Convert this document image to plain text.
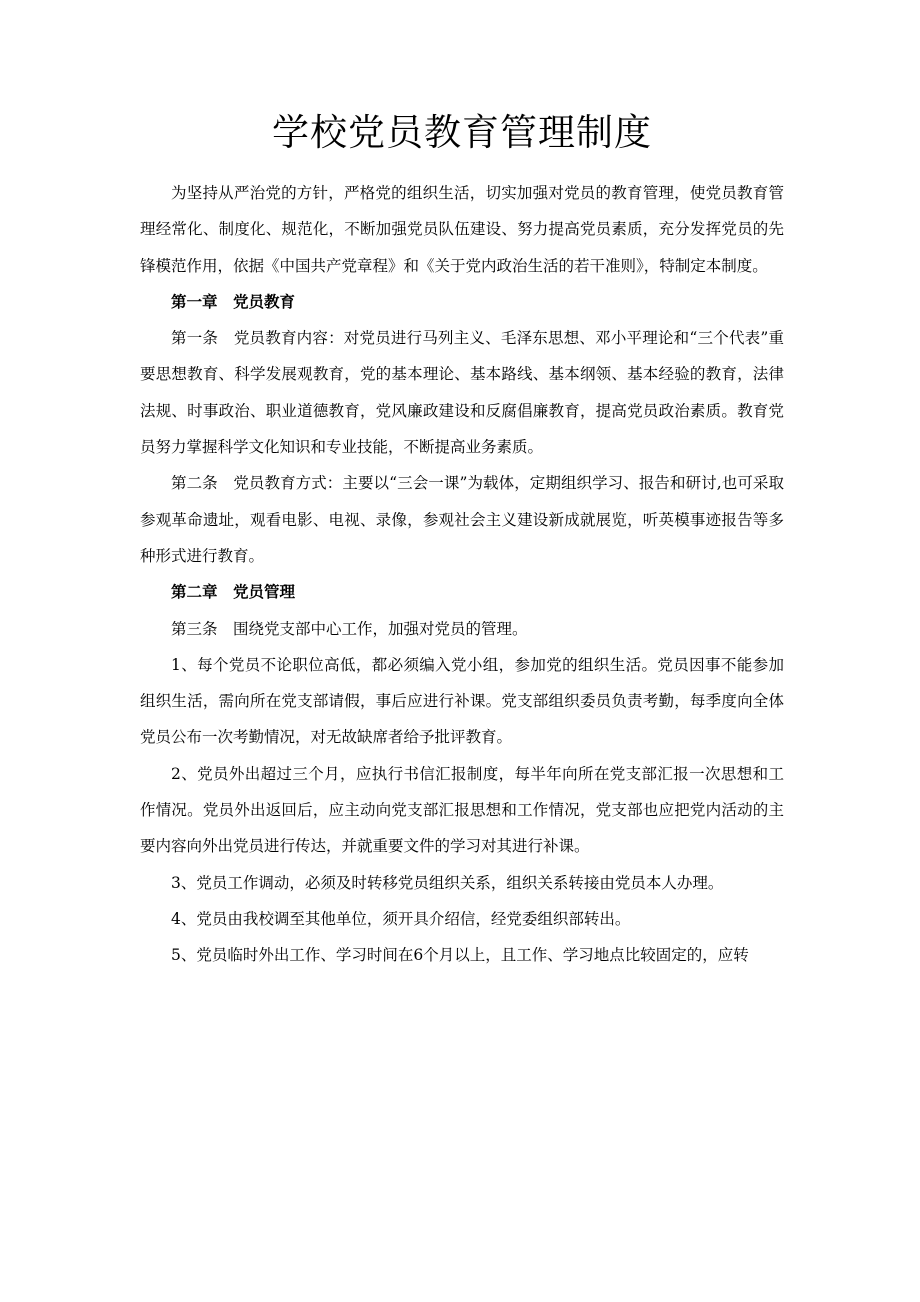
学校党员教育管理制度

为坚持从严治党的方针，严格党的组织生活，切实加强对党员的教育管理，使党员教育管理经常化、制度化、规范化，不断加强党员队伍建设、努力提高党员素质，充分发挥党员的先锋模范作用，依据《中国共产党章程》和《关于党内政治生活的若干准则》，特制定本制度。

第一章　党员教育

第一条　党员教育内容：对党员进行马列主义、毛泽东思想、邓小平理论和“三个代表”重要思想教育、科学发展观教育，党的基本理论、基本路线、基本纲领、基本经验的教育，法律法规、时事政治、职业道德教育，党风廉政建设和反腐倡廉教育，提高党员政治素质。教育党员努力掌握科学文化知识和专业技能，不断提高业务素质。

第二条　党员教育方式：主要以“三会一课”为载体，定期组织学习、报告和研讨,也可采取参观革命遗址，观看电影、电视、录像，参观社会主义建设新成就展览，听英模事迹报告等多种形式进行教育。

第二章　党员管理

第三条　围绕党支部中心工作，加强对党员的管理。

1、每个党员不论职位高低，都必须编入党小组，参加党的组织生活。党员因事不能参加组织生活，需向所在党支部请假，事后应进行补课。党支部组织委员负责考勤，每季度向全体党员公布一次考勤情况，对无故缺席者给予批评教育。

2、党员外出超过三个月，应执行书信汇报制度，每半年向所在党支部汇报一次思想和工作情况。党员外出返回后，应主动向党支部汇报思想和工作情况，党支部也应把党内活动的主要内容向外出党员进行传达，并就重要文件的学习对其进行补课。

3、党员工作调动，必须及时转移党员组织关系，组织关系转接由党员本人办理。

4、党员由我校调至其他单位，须开具介绍信，经党委组织部转出。

5、党员临时外出工作、学习时间在6个月以上，且工作、学习地点比较固定的，应转
